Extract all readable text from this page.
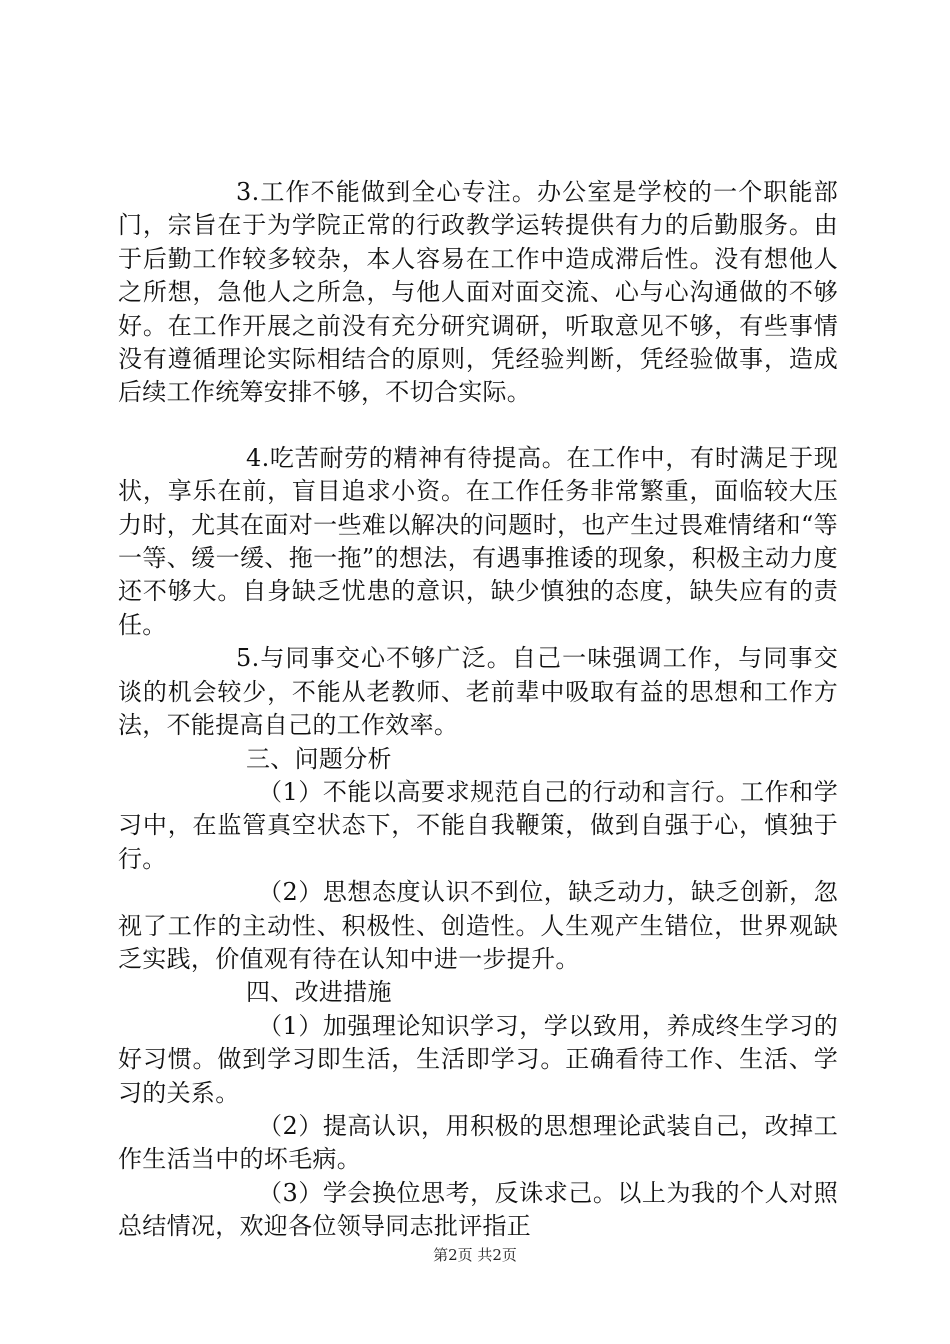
3.工作不能做到全心专注。办公室是学校的一个职能部门，宗旨在于为学院正常的行政教学运转提供有力的后勤服务。由于后勤工作较多较杂，本人容易在工作中造成滞后性。没有想他人之所想，急他人之所急，与他人面对面交流、心与心沟通做的不够好。在工作开展之前没有充分研究调研，听取意见不够，有些事情没有遵循理论实际相结合的原则，凭经验判断，凭经验做事，造成后续工作统筹安排不够，不切合实际。

4.吃苦耐劳的精神有待提高。在工作中，有时满足于现状，享乐在前，盲目追求小资。在工作任务非常繁重，面临较大压力时，尤其在面对一些难以解决的问题时，也产生过畏难情绪和“等一等、缓一缓、拖一拖”的想法，有遇事推诿的现象，积极主动力度还不够大。自身缺乏忧患的意识，缺少慎独的态度，缺失应有的责任。

5.与同事交心不够广泛。自己一味强调工作，与同事交谈的机会较少，不能从老教师、老前辈中吸取有益的思想和工作方法，不能提高自己的工作效率。

三、问题分析

（1）不能以高要求规范自己的行动和言行。工作和学习中，在监管真空状态下，不能自我鞭策，做到自强于心，慎独于行。

（2）思想态度认识不到位，缺乏动力，缺乏创新，忽视了工作的主动性、积极性、创造性。人生观产生错位，世界观缺乏实践，价值观有待在认知中进一步提升。

四、改进措施

（1）加强理论知识学习，学以致用，养成终生学习的好习惯。做到学习即生活，生活即学习。正确看待工作、生活、学习的关系。

（2）提高认识，用积极的思想理论武装自己，改掉工作生活当中的坏毛病。

（3）学会换位思考，反诛求己。以上为我的个人对照总结情况，欢迎各位领导同志批评指正

第2页 共2页
